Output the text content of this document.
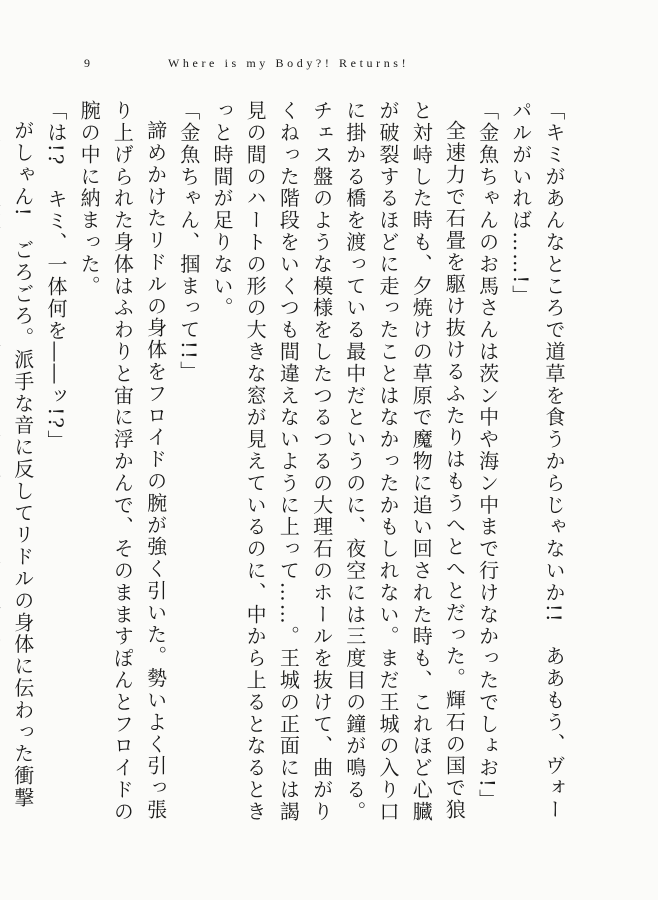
9	Where is my Body?! Returns!

「キミがあんなところで道草を食うからじゃないか!!　ああもう、ヴォーパルがいれば……!」

「金魚ちゃんのお馬さんは茨ン中や海ン中まで行けなかったでしょお!」

全速力で石畳を駆け抜けるふたりはもうへとへとだった。輝石の国で狼と対峙した時も、夕焼けの草原で魔物に追い回された時も、これほど心臓が破裂するほどに走ったことはなかったかもしれない。まだ王城の入り口に掛かる橋を渡っている最中だというのに、夜空には三度目の鐘が鳴る。チェス盤のような模様をしたつるつるの大理石のホールを抜けて、曲がりくねった階段をいくつも間違えないように上って……。王城の正面には謁見の間のハートの形の大きな窓が見えているのに、中から上るとなるときっと時間が足りない。

「金魚ちゃん、掴まって!!」

諦めかけたリドルの身体をフロイドの腕が強く引いた。勢いよく引っ張り上げられた身体はふわりと宙に浮かんで、そのまますぽんとフロイドの腕の中に納まった。

「は!?　キミ、一体何を――ッ!?」

がしゃん!　ごろごろ。派手な音に反してリドルの身体に伝わった衝撃
